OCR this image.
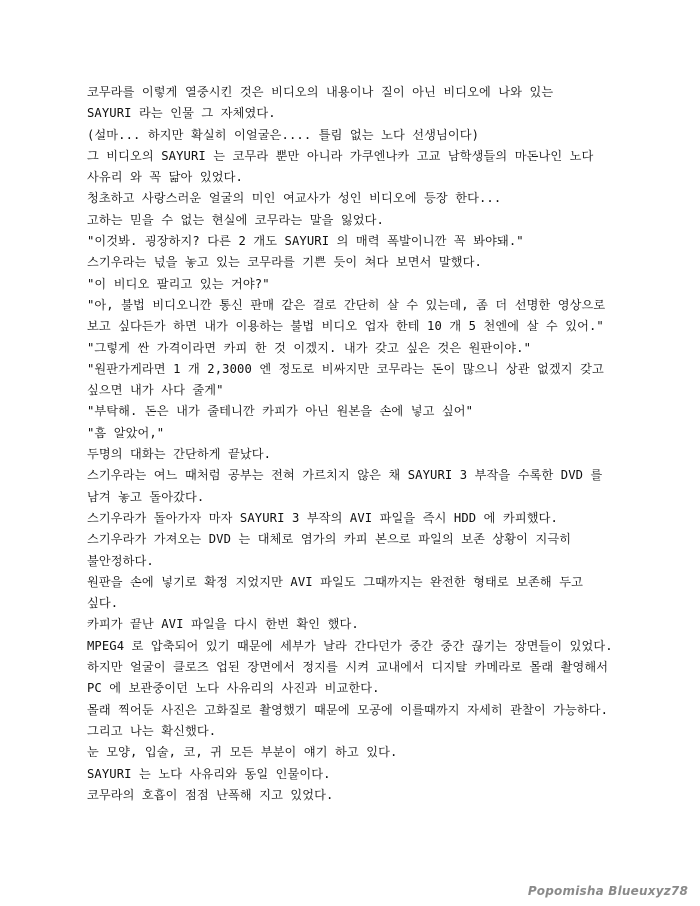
코무라를 이렇게 열중시킨 것은 비디오의 내용이나 질이 아닌 비디오에 나와 있는
SAYURI 라는 인물 그 자체였다.
(설마... 하지만 확실히 이얼굴은.... 틀림 없는 노다 선생님이다)
그 비디오의 SAYURI 는 코무라 뿐만 아니라 가쿠엔나카 고교 남학생들의 마돈나인 노다
사유리 와 꼭 닮아 있었다.
청초하고 사랑스러운 얼굴의 미인 여교사가 성인 비디오에 등장 한다...
고하는 믿을 수 없는 현실에 코무라는 말을 잃었다.
"이것봐. 굉장하지? 다른 2 개도 SAYURI 의 매력 폭발이니깐 꼭 봐야돼."
스기우라는 넋을 놓고 있는 코무라를 기쁜 듯이 쳐다 보면서 말했다.
"이 비디오 팔리고 있는 거야?"
"아, 불법 비디오니깐 통신 판매 같은 걸로 간단히 살 수 있는데, 좀 더 선명한 영상으로
보고 싶다든가 하면 내가 이용하는 불법 비디오 업자 한테 10 개 5 천엔에 살 수 있어."
"그렇게 싼 가격이라면 카피 한 것 이겠지. 내가 갖고 싶은 것은 원판이야."
"원판가게라면 1 개 2,3000 엔 정도로 비싸지만 코무라는 돈이 많으니 상관 없겠지 갖고
싶으면 내가 사다 줄게"
"부탁해. 돈은 내가 줄테니깐 카피가 아닌 원본을 손에 넣고 싶어"
"흠 알았어,"
두명의 대화는 간단하게 끝났다.
스기우라는 여느 때처럼 공부는 전혀 가르치지 않은 채 SAYURI 3 부작을 수록한 DVD 를
남겨 놓고 돌아갔다.
스기우라가 돌아가자 마자 SAYURI 3 부작의 AVI 파일을 즉시 HDD 에 카피했다.
스기우라가 가져오는 DVD 는 대체로 염가의 카피 본으로 파일의 보존 상황이 지극히
불안정하다.
원판을 손에 넣기로 확정 지었지만 AVI 파일도 그때까지는 완전한 형태로 보존해 두고
싶다.
카피가 끝난 AVI 파일을 다시 한번 확인 했다.
MPEG4 로 압축되어 있기 때문에 세부가 날라 간다던가 중간 중간 끊기는 장면들이 있었다.
하지만 얼굴이 클로즈 업된 장면에서 정지를 시켜 교내에서 디지탈 카메라로 몰래 촬영해서
PC 에 보관중이던 노다 사유리의 사진과 비교한다.
몰래 찍어둔 사진은 고화질로 촬영했기 때문에 모공에 이를때까지 자세히 관찰이 가능하다.
그리고 나는 확신했다.
눈 모양, 입술, 코, 귀 모든 부분이 얘기 하고 있다.
SAYURI 는 노다 사유리와 동일 인물이다.
코무라의 호흡이 점점 난폭해 지고 있었다.
Popomisha Blueuxyz78
